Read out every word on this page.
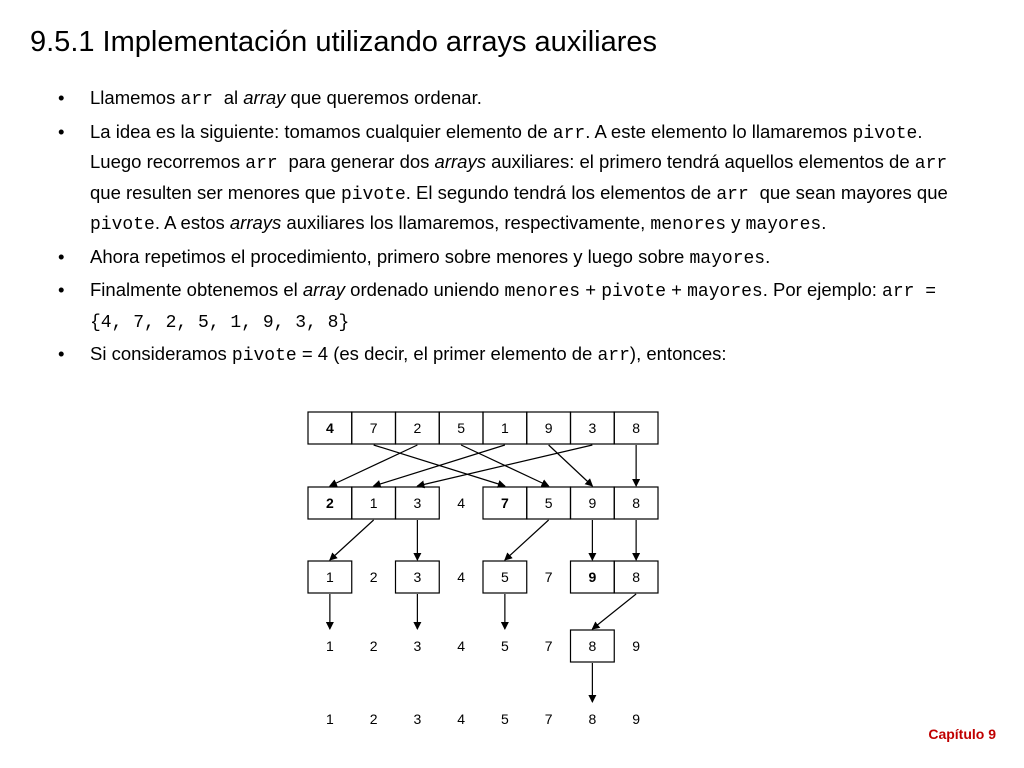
9.5.1 Implementación utilizando arrays auxiliares
• Llamemos arr al array que queremos ordenar.
• La idea es la siguiente: tomamos cualquier elemento de arr. A este elemento lo llamaremos pivote. Luego recorremos arr para generar dos arrays auxiliares: el primero tendrá aquellos elementos de arr que resulten ser menores que pivote. El segundo tendrá los elementos de arr que sean mayores que pivote. A estos arrays auxiliares los llamaremos, respectivamente, menores y mayores.
• Ahora repetimos el procedimiento, primero sobre menores y luego sobre mayores.
• Finalmente obtenemos el array ordenado uniendo menores + pivote + mayores. Por ejemplo: arr = {4, 7, 2, 5, 1, 9, 3, 8}
• Si consideramos pivote = 4 (es decir, el primer elemento de arr), entonces:
4	7	2	5	1	9	3	8
2	1	3	4	7	5	9	8
1	2	3	4	5	7	9	8
1	2	3	4	5	7	8	9
1	2	3	4	5	7	8	9
Capítulo 9
